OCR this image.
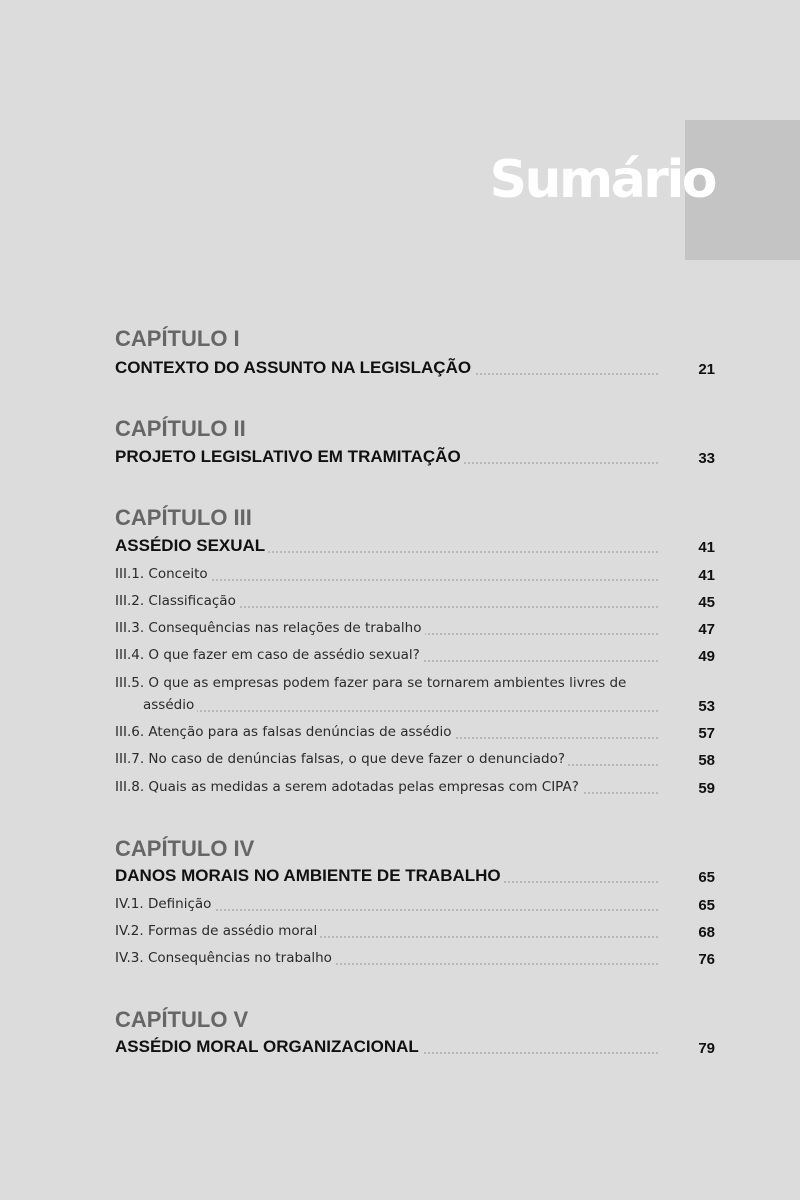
Sumário
CAPÍTULO I
CONTEXTO DO ASSUNTO NA LEGISLAÇÃO	21
CAPÍTULO II
PROJETO LEGISLATIVO EM TRAMITAÇÃO	33
CAPÍTULO III
ASSÉDIO SEXUAL	41
III.1. Conceito	41
III.2. Classificação	45
III.3. Consequências nas relações de trabalho	47
III.4. O que fazer em caso de assédio sexual?	49
III.5. O que as empresas podem fazer para se tornarem ambientes livres de
assédio	53
III.6. Atenção para as falsas denúncias de assédio	57
III.7. No caso de denúncias falsas, o que deve fazer o denunciado?	58
III.8. Quais as medidas a serem adotadas pelas empresas com CIPA?	59
CAPÍTULO IV
DANOS MORAIS NO AMBIENTE DE TRABALHO	65
IV.1. Definição	65
IV.2. Formas de assédio moral	68
IV.3. Consequências no trabalho	76
CAPÍTULO V
ASSÉDIO MORAL ORGANIZACIONAL	79
